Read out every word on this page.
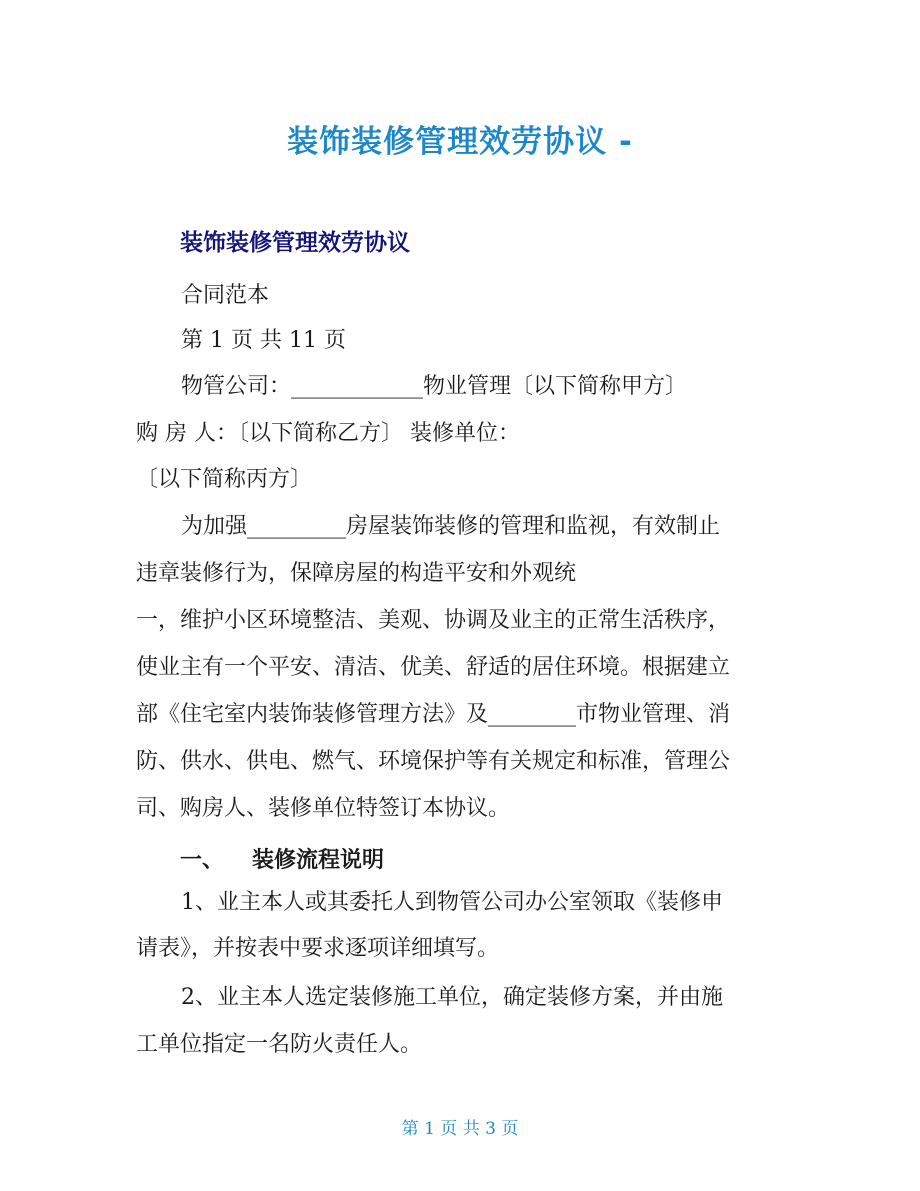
装饰装修管理效劳协议 -
装饰装修管理效劳协议

合同范本

第 1 页 共 11 页

物管公司：____________物业管理〔以下简称甲方〕

购 房 人：〔以下简称乙方〕 装修单位：

〔以下简称丙方〕

为加强_________房屋装饰装修的管理和监视，有效制止

违章装修行为，保障房屋的构造平安和外观统

一，维护小区环境整洁、美观、协调及业主的正常生活秩序，

使业主有一个平安、清洁、优美、舒适的居住环境。根据建立

部《住宅室内装饰装修管理方法》及________市物业管理、消

防、供水、供电、燃气、环境保护等有关规定和标准，管理公

司、购房人、装修单位特签订本协议。

一、 装修流程说明

1、业主本人或其委托人到物管公司办公室领取《装修申

请表》，并按表中要求逐项详细填写。

2、业主本人选定装修施工单位，确定装修方案，并由施

工单位指定一名防火责任人。

第 1 页 共 3 页
